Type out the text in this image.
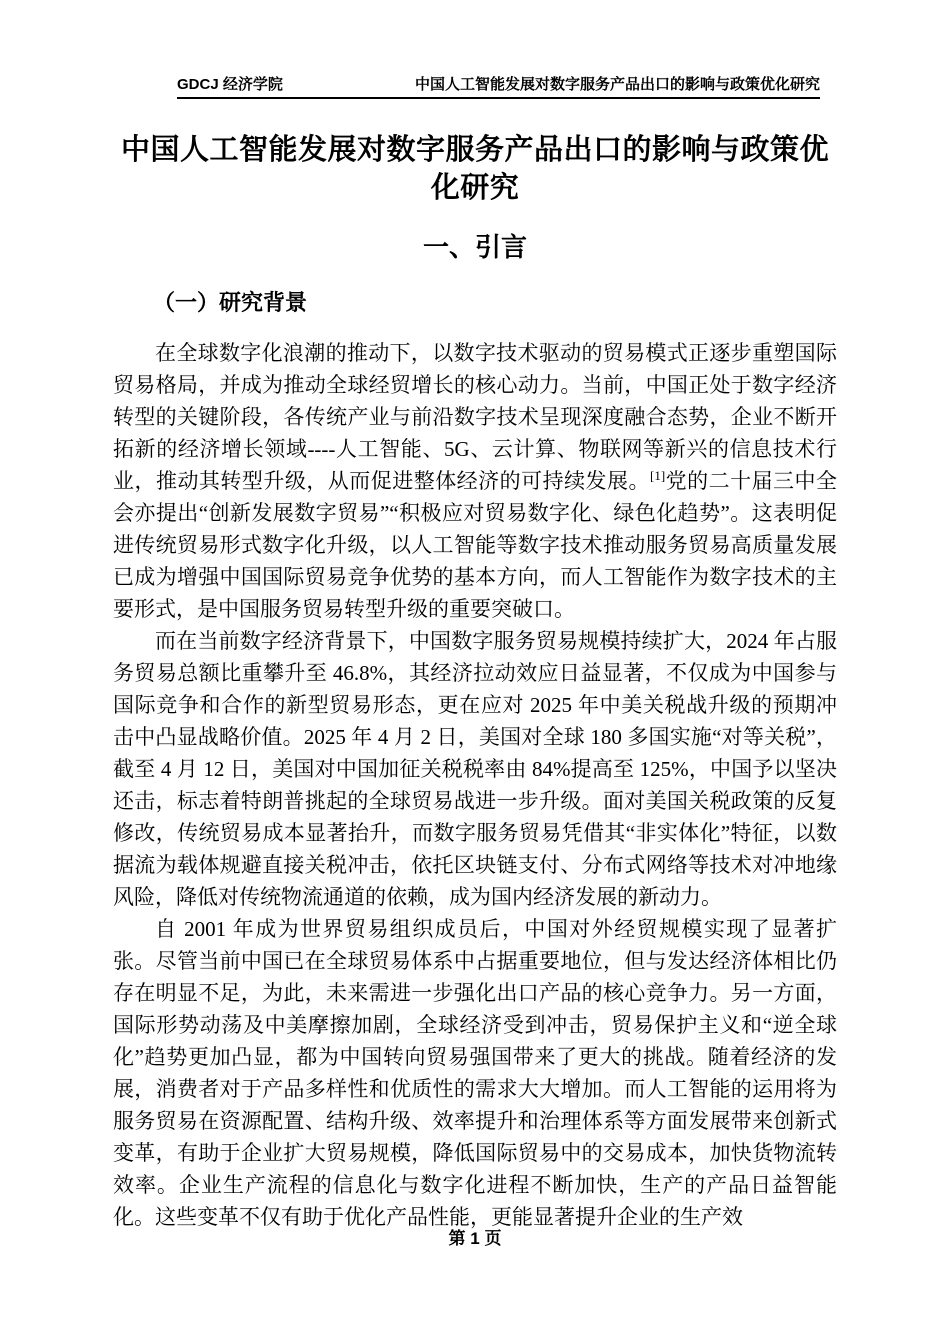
GDCJ 经济学院	中国人工智能发展对数字服务产品出口的影响与政策优化研究
中国人工智能发展对数字服务产品出口的影响与政策优化研究
一、引言
（一）研究背景

在全球数字化浪潮的推动下，以数字技术驱动的贸易模式正逐步重塑国际贸易格局，并成为推动全球经贸增长的核心动力。当前，中国正处于数字经济转型的关键阶段，各传统产业与前沿数字技术呈现深度融合态势，企业不断开拓新的经济增长领域----人工智能、5G、云计算、物联网等新兴的信息技术行业，推动其转型升级，从而促进整体经济的可持续发展。[1]党的二十届三中全会亦提出“创新发展数字贸易”“积极应对贸易数字化、绿色化趋势”。这表明促进传统贸易形式数字化升级，以人工智能等数字技术推动服务贸易高质量发展已成为增强中国国际贸易竞争优势的基本方向，而人工智能作为数字技术的主要形式，是中国服务贸易转型升级的重要突破口。

而在当前数字经济背景下，中国数字服务贸易规模持续扩大，2024 年占服务贸易总额比重攀升至 46.8%，其经济拉动效应日益显著，不仅成为中国参与国际竞争和合作的新型贸易形态，更在应对 2025 年中美关税战升级的预期冲击中凸显战略价值。2025 年 4 月 2 日，美国对全球 180 多国实施“对等关税”，截至 4 月 12 日，美国对中国加征关税税率由 84%提高至 125%，中国予以坚决还击，标志着特朗普挑起的全球贸易战进一步升级。面对美国关税政策的反复修改，传统贸易成本显著抬升，而数字服务贸易凭借其“非实体化”特征，以数据流为载体规避直接关税冲击，依托区块链支付、分布式网络等技术对冲地缘风险，降低对传统物流通道的依赖，成为国内经济发展的新动力。

自 2001 年成为世界贸易组织成员后，中国对外经贸规模实现了显著扩张。尽管当前中国已在全球贸易体系中占据重要地位，但与发达经济体相比仍存在明显不足，为此，未来需进一步强化出口产品的核心竞争力。另一方面，国际形势动荡及中美摩擦加剧，全球经济受到冲击，贸易保护主义和“逆全球化”趋势更加凸显，都为中国转向贸易强国带来了更大的挑战。随着经济的发展，消费者对于产品多样性和优质性的需求大大增加。而人工智能的运用将为服务贸易在资源配置、结构升级、效率提升和治理体系等方面发展带来创新式变革，有助于企业扩大贸易规模，降低国际贸易中的交易成本，加快货物流转效率。企业生产流程的信息化与数字化进程不断加快，生产的产品日益智能化。这些变革不仅有助于优化产品性能，更能显著提升企业的生产效

第 1 页
